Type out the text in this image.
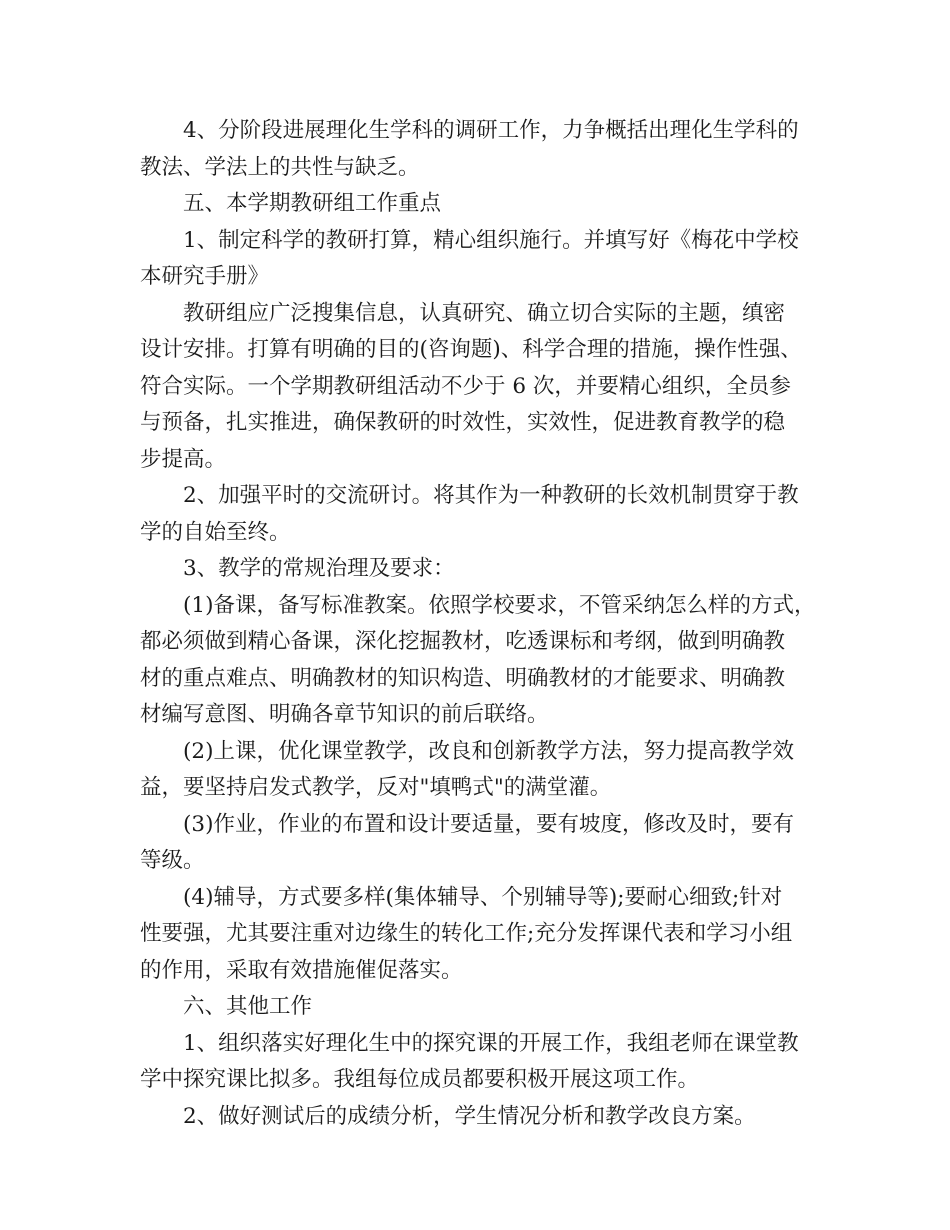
4、分阶段进展理化生学科的调研工作，力争概括出理化生学科的
教法、学法上的共性与缺乏。

五、本学期教研组工作重点

1、制定科学的教研打算，精心组织施行。并填写好《梅花中学校
本研究手册》

教研组应广泛搜集信息，认真研究、确立切合实际的主题，缜密
设计安排。打算有明确的目的(咨询题)、科学合理的措施，操作性强、
符合实际。一个学期教研组活动不少于 6 次，并要精心组织，全员参
与预备，扎实推进，确保教研的时效性，实效性，促进教育教学的稳
步提高。

2、加强平时的交流研讨。将其作为一种教研的长效机制贯穿于教
学的自始至终。

3、教学的常规治理及要求：

(1)备课，备写标准教案。依照学校要求，不管采纳怎么样的方式，
都必须做到精心备课，深化挖掘教材，吃透课标和考纲，做到明确教
材的重点难点、明确教材的知识构造、明确教材的才能要求、明确教
材编写意图、明确各章节知识的前后联络。

(2)上课，优化课堂教学，改良和创新教学方法，努力提高教学效
益，要坚持启发式教学，反对"填鸭式"的满堂灌。

(3)作业，作业的布置和设计要适量，要有坡度，修改及时，要有
等级。

(4)辅导，方式要多样(集体辅导、个别辅导等);要耐心细致;针对
性要强，尤其要注重对边缘生的转化工作;充分发挥课代表和学习小组
的作用，采取有效措施催促落实。

六、其他工作

1、组织落实好理化生中的探究课的开展工作，我组老师在课堂教
学中探究课比拟多。我组每位成员都要积极开展这项工作。

2、做好测试后的成绩分析，学生情况分析和教学改良方案。
